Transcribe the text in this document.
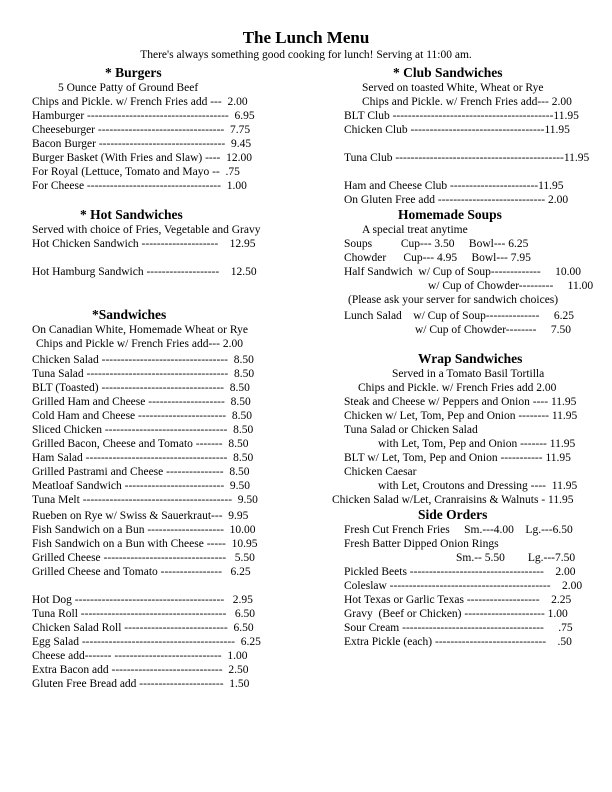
The Lunch Menu
There's always something good cooking for lunch! Serving at 11:00 am.
* Burgers
5 Ounce Patty of Ground Beef
Chips and Pickle. w/ French Fries add ---  2.00
Hamburger -------------------------------------  6.95
Cheeseburger ---------------------------------  7.75
Bacon Burger ---------------------------------  9.45
Burger Basket (With Fries and Slaw) ----  12.00
For Royal (Lettuce, Tomato and Mayo --  .75
For Cheese -----------------------------------  1.00
* Hot Sandwiches
Served with choice of Fries, Vegetable and Gravy
Hot Chicken Sandwich --------------------    12.95
Hot Hamburg Sandwich -------------------    12.50
*Sandwiches
On Canadian White, Homemade Wheat or Rye
Chips and Pickle w/ French Fries add--- 2.00
Chicken Salad ---------------------------------  8.50
Tuna Salad -------------------------------------  8.50
BLT (Toasted) --------------------------------  8.50
Grilled Ham and Cheese --------------------  8.50
Cold Ham and Cheese -----------------------  8.50
Sliced Chicken --------------------------------  8.50
Grilled Bacon, Cheese and Tomato -------  8.50
Ham Salad -------------------------------------  8.50
Grilled Pastrami and Cheese ---------------  8.50
Meatloaf Sandwich --------------------------  9.50
Tuna Melt ---------------------------------------  9.50
Rueben on Rye w/ Swiss & Sauerkraut---  9.95
Fish Sandwich on a Bun --------------------  10.00
Fish Sandwich on a Bun with Cheese -----  10.95
Grilled Cheese --------------------------------   5.50
Grilled Cheese and Tomato ----------------   6.25
Hot Dog ---------------------------------------   2.95
Tuna Roll --------------------------------------   6.50
Chicken Salad Roll ---------------------------  6.50
Egg Salad ----------------------------------------  6.25
Cheese add------- ----------------------------  1.00
Extra Bacon add -----------------------------  2.50
Gluten Free Bread add ----------------------  1.50
* Club Sandwiches
Served on toasted White, Wheat or Rye
Chips and Pickle. w/ French Fries add--- 2.00
BLT Club ------------------------------------------11.95
Chicken Club -----------------------------------11.95
Tuna Club --------------------------------------------11.95
Ham and Cheese Club -----------------------11.95
On Gluten Free add ---------------------------- 2.00
Homemade Soups
A special treat anytime
Soups          Cup--- 3.50     Bowl--- 6.25
Chowder      Cup--- 4.95     Bowl--- 7.95
Half Sandwich  w/ Cup of Soup-------------     10.00
w/ Cup of Chowder---------     11.00
(Please ask your server for sandwich choices)
Lunch Salad    w/ Cup of Soup--------------     6.25
w/ Cup of Chowder--------     7.50
Wrap Sandwiches
Served in a Tomato Basil Tortilla
Chips and Pickle. w/ French Fries add 2.00
Steak and Cheese w/ Peppers and Onion ---- 11.95
Chicken w/ Let, Tom, Pep and Onion -------- 11.95
Tuna Salad or Chicken Salad
with Let, Tom, Pep and Onion ------- 11.95
BLT w/ Let, Tom, Pep and Onion ----------- 11.95
Chicken Caesar
with Let, Croutons and Dressing ----  11.95
Chicken Salad w/Let, Cranraisins & Walnuts - 11.95
Side Orders
Fresh Cut French Fries     Sm.---4.00    Lg.---6.50
Fresh Batter Dipped Onion Rings
Sm.-- 5.50        Lg.---7.50
Pickled Beets -----------------------------------    2.00
Coleslaw ------------------------------------------    2.00
Hot Texas or Garlic Texas -------------------    2.25
Gravy  (Beef or Chicken) --------------------- 1.00
Sour Cream -------------------------------------     .75
Extra Pickle (each) -----------------------------    .50
